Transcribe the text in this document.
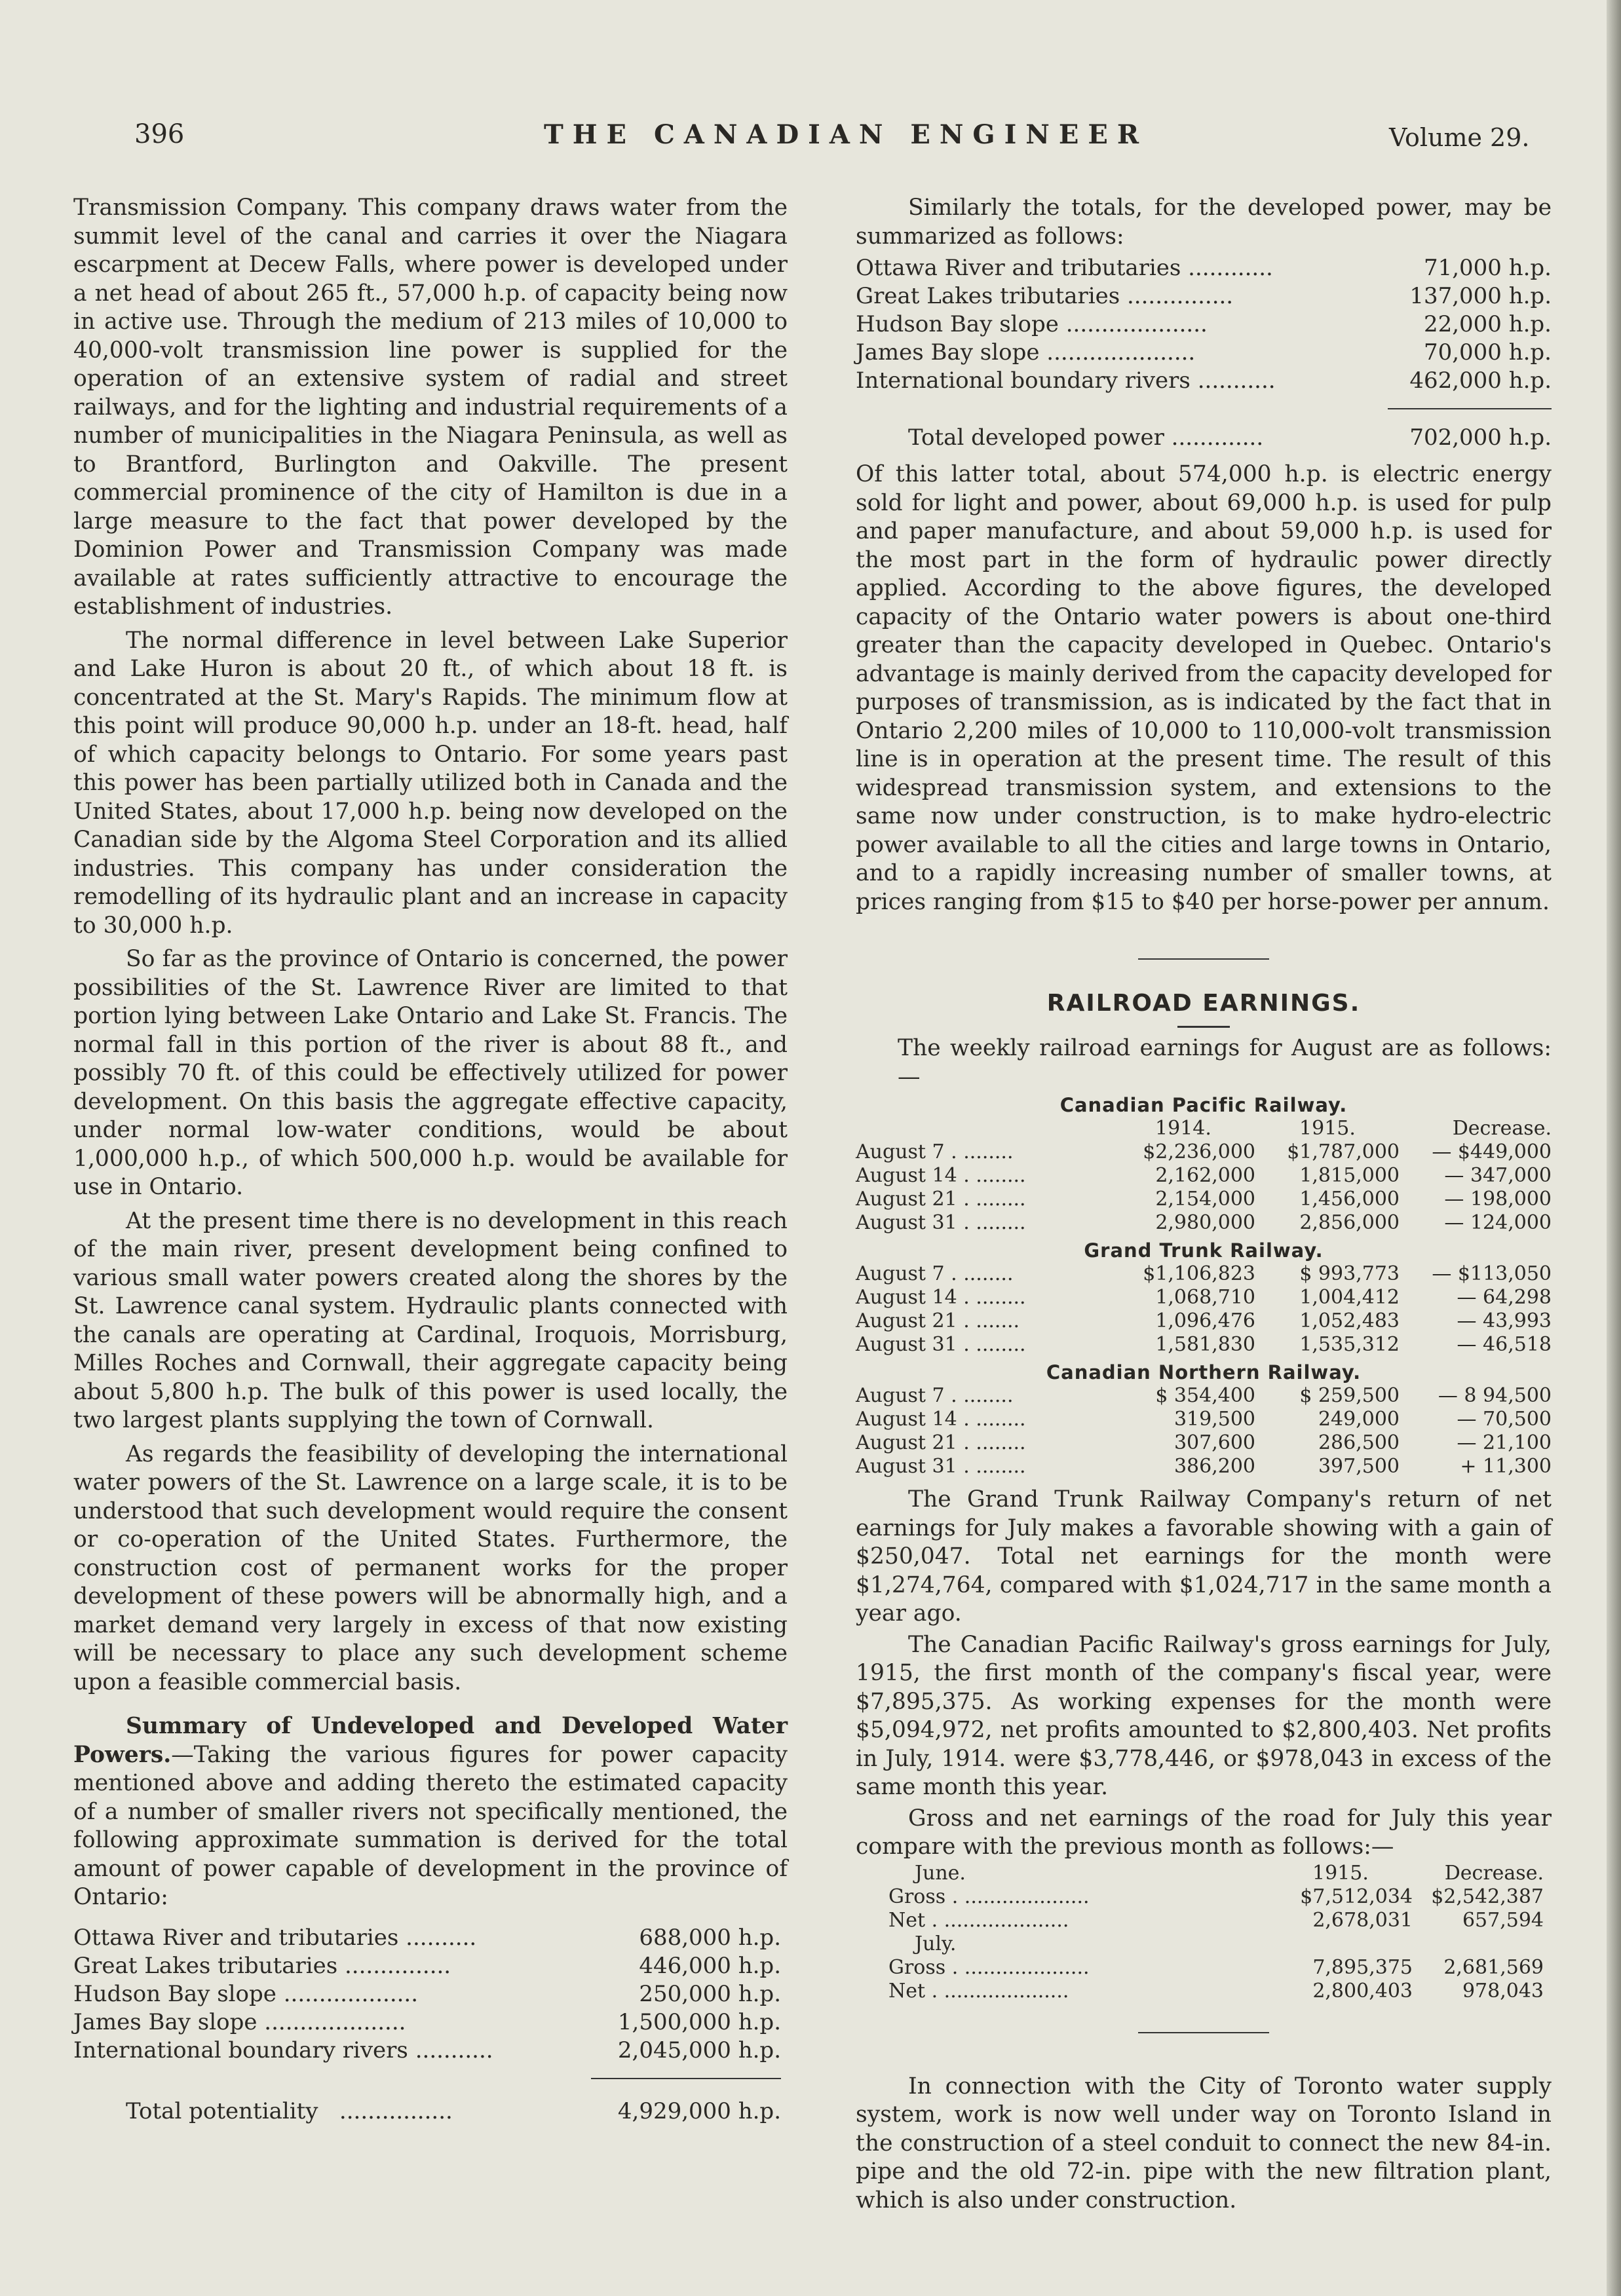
396	THE CANADIAN ENGINEER	Volume 29.

Transmission Company. This company draws water from the summit level of the canal and carries it over the Niagara escarpment at Decew Falls, where power is developed under a net head of about 265 ft., 57,000 h.p. of capacity being now in active use. Through the medium of 213 miles of 10,000 to 40,000-volt transmission line power is supplied for the operation of an extensive system of radial and street railways, and for the lighting and industrial requirements of a number of municipalities in the Niagara Peninsula, as well as to Brantford, Burlington and Oakville. The present commercial prominence of the city of Hamilton is due in a large measure to the fact that power developed by the Dominion Power and Transmission Company was made available at rates sufficiently attractive to encourage the establishment of industries.

The normal difference in level between Lake Superior and Lake Huron is about 20 ft., of which about 18 ft. is concentrated at the St. Mary's Rapids. The minimum flow at this point will produce 90,000 h.p. under an 18-ft. head, half of which capacity belongs to Ontario. For some years past this power has been partially utilized both in Canada and the United States, about 17,000 h.p. being now developed on the Canadian side by the Algoma Steel Corporation and its allied industries. This company has under consideration the remodelling of its hydraulic plant and an increase in capacity to 30,000 h.p.

So far as the province of Ontario is concerned, the power possibilities of the St. Lawrence River are limited to that portion lying between Lake Ontario and Lake St. Francis. The normal fall in this portion of the river is about 88 ft., and possibly 70 ft. of this could be effectively utilized for power development. On this basis the aggregate effective capacity, under normal low-water conditions, would be about 1,000,000 h.p., of which 500,000 h.p. would be available for use in Ontario.

At the present time there is no development in this reach of the main river, present development being confined to various small water powers created along the shores by the St. Lawrence canal system. Hydraulic plants connected with the canals are operating at Cardinal, Iroquois, Morrisburg, Milles Roches and Cornwall, their aggregate capacity being about 5,800 h.p. The bulk of this power is used locally, the two largest plants supplying the town of Cornwall.

As regards the feasibility of developing the international water powers of the St. Lawrence on a large scale, it is to be understood that such development would require the consent or co-operation of the United States. Furthermore, the construction cost of permanent works for the proper development of these powers will be abnormally high, and a market demand very largely in excess of that now existing will be necessary to place any such development scheme upon a feasible commercial basis.

Summary of Undeveloped and Developed Water Powers.—Taking the various figures for power capacity mentioned above and adding thereto the estimated capacity of a number of smaller rivers not specifically mentioned, the following approximate summation is derived for the total amount of power capable of development in the province of Ontario:

Ottawa River and tributaries ..........	688,000 h.p.
Great Lakes tributaries ...............	446,000 h.p.
Hudson Bay slope ...................	250,000 h.p.
James Bay slope ....................	1,500,000 h.p.
International boundary rivers ...........	2,045,000 h.p.

Total potentiality ................	4,929,000 h.p.

Similarly the totals, for the developed power, may be summarized as follows:

Ottawa River and tributaries ............	71,000 h.p.
Great Lakes tributaries ...............	137,000 h.p.
Hudson Bay slope ....................	22,000 h.p.
James Bay slope .....................	70,000 h.p.
International boundary rivers ...........	462,000 h.p.

Total developed power .............	702,000 h.p.

Of this latter total, about 574,000 h.p. is electric energy sold for light and power, about 69,000 h.p. is used for pulp and paper manufacture, and about 59,000 h.p. is used for the most part in the form of hydraulic power directly applied. According to the above figures, the developed capacity of the Ontario water powers is about one-third greater than the capacity developed in Quebec. Ontario's advantage is mainly derived from the capacity developed for purposes of transmission, as is indicated by the fact that in Ontario 2,200 miles of 10,000 to 110,000-volt transmission line is in operation at the present time. The result of this widespread transmission system, and extensions to the same now under construction, is to make hydro-electric power available to all the cities and large towns in Ontario, and to a rapidly increasing number of smaller towns, at prices ranging from $15 to $40 per horse-power per annum.

RAILROAD EARNINGS.

The weekly railroad earnings for August are as follows:—

Canadian Pacific Railway.
	1914.	1915.	Decrease.
August 7 . ........	$2,236,000	$1,787,000	— $449,000
August 14 . ........	2,162,000	1,815,000	— 347,000
August 21 . ........	2,154,000	1,456,000	— 198,000
August 31 . ........	2,980,000	2,856,000	— 124,000
Grand Trunk Railway.
August 7 . ........	$1,106,823	$ 993,773	— $113,050
August 14 . ........	1,068,710	1,004,412	— 64,298
August 21 . .......	1,096,476	1,052,483	— 43,993
August 31 . ........	1,581,830	1,535,312	— 46,518
Canadian Northern Railway.
August 7 . ........	$ 354,400	$ 259,500	— 8 94,500
August 14 . ........	319,500	249,000	— 70,500
August 21 . ........	307,600	286,500	— 21,100
August 31 . ........	386,200	397,500	+ 11,300

The Grand Trunk Railway Company's return of net earnings for July makes a favorable showing with a gain of $250,047. Total net earnings for the month were $1,274,764, compared with $1,024,717 in the same month a year ago.

The Canadian Pacific Railway's gross earnings for July, 1915, the first month of the company's fiscal year, were $7,895,375. As working expenses for the month were $5,094,972, net profits amounted to $2,800,403. Net profits in July, 1914. were $3,778,446, or $978,043 in excess of the same month this year.

Gross and net earnings of the road for July this year compare with the previous month as follows:—

June.	1915.	Decrease.
Gross . ....................	$7,512,034	$2,542,387
Net . ....................	2,678,031	657,594
July.		
Gross . ....................	7,895,375	2,681,569
Net . ....................	2,800,403	978,043

In connection with the City of Toronto water supply system, work is now well under way on Toronto Island in the construction of a steel conduit to connect the new 84-in. pipe and the old 72-in. pipe with the new filtration plant, which is also under construction.
